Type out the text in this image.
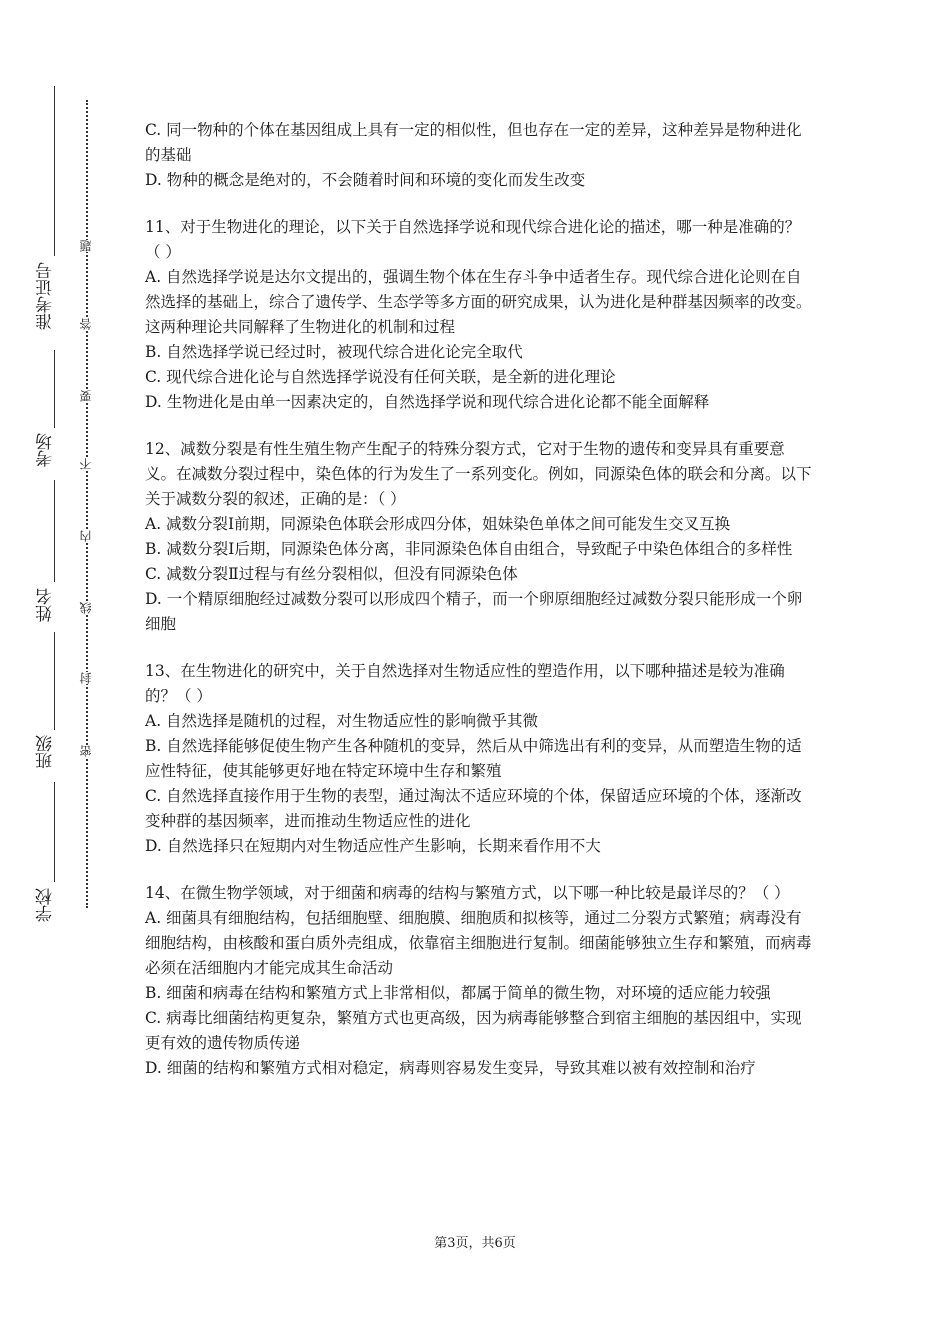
准考证号
考场
姓名
班级
学校
题
答
要
不
内
线
封
密

C. 同一物种的个体在基因组成上具有一定的相似性，但也存在一定的差异，这种差异是物种进化的基础

D. 物种的概念是绝对的，不会随着时间和环境的变化而发生改变

11、对于生物进化的理论，以下关于自然选择学说和现代综合进化论的描述，哪一种是准确的？（ ）

A. 自然选择学说是达尔文提出的，强调生物个体在生存斗争中适者生存。现代综合进化论则在自然选择的基础上，综合了遗传学、生态学等多方面的研究成果，认为进化是种群基因频率的改变。这两种理论共同解释了生物进化的机制和过程

B. 自然选择学说已经过时，被现代综合进化论完全取代

C. 现代综合进化论与自然选择学说没有任何关联，是全新的进化理论

D. 生物进化是由单一因素决定的，自然选择学说和现代综合进化论都不能全面解释

12、减数分裂是有性生殖生物产生配子的特殊分裂方式，它对于生物的遗传和变异具有重要意义。在减数分裂过程中，染色体的行为发生了一系列变化。例如，同源染色体的联会和分离。以下关于减数分裂的叙述，正确的是：（ ）

A. 减数分裂Ⅰ前期，同源染色体联会形成四分体，姐妹染色单体之间可能发生交叉互换

B. 减数分裂Ⅰ后期，同源染色体分离，非同源染色体自由组合，导致配子中染色体组合的多样性

C. 减数分裂Ⅱ过程与有丝分裂相似，但没有同源染色体

D. 一个精原细胞经过减数分裂可以形成四个精子，而一个卵原细胞经过减数分裂只能形成一个卵细胞

13、在生物进化的研究中，关于自然选择对生物适应性的塑造作用，以下哪种描述是较为准确的？（ ）

A. 自然选择是随机的过程，对生物适应性的影响微乎其微

B. 自然选择能够促使生物产生各种随机的变异，然后从中筛选出有利的变异，从而塑造生物的适应性特征，使其能够更好地在特定环境中生存和繁殖

C. 自然选择直接作用于生物的表型，通过淘汰不适应环境的个体，保留适应环境的个体，逐渐改变种群的基因频率，进而推动生物适应性的进化

D. 自然选择只在短期内对生物适应性产生影响，长期来看作用不大

14、在微生物学领域，对于细菌和病毒的结构与繁殖方式，以下哪一种比较是最详尽的？（ ）

A. 细菌具有细胞结构，包括细胞壁、细胞膜、细胞质和拟核等，通过二分裂方式繁殖；病毒没有细胞结构，由核酸和蛋白质外壳组成，依靠宿主细胞进行复制。细菌能够独立生存和繁殖，而病毒必须在活细胞内才能完成其生命活动

B. 细菌和病毒在结构和繁殖方式上非常相似，都属于简单的微生物，对环境的适应能力较强

C. 病毒比细菌结构更复杂，繁殖方式也更高级，因为病毒能够整合到宿主细胞的基因组中，实现更有效的遗传物质传递

D. 细菌的结构和繁殖方式相对稳定，病毒则容易发生变异，导致其难以被有效控制和治疗

第3页，共6页
